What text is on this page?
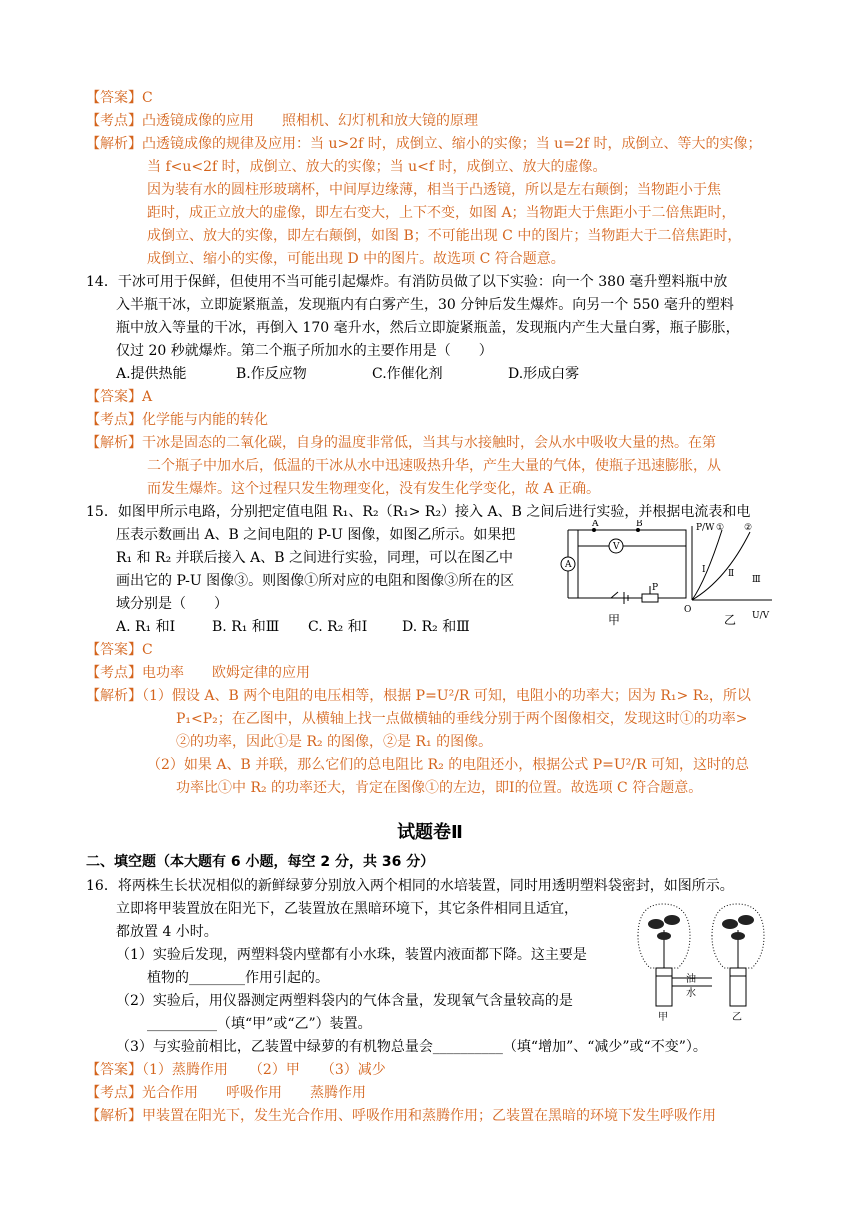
【答案】C
【考点】凸透镜成像的应用　　照相机、幻灯机和放大镜的原理
【解析】凸透镜成像的规律及应用：当 u>2f 时，成倒立、缩小的实像；当 u=2f 时，成倒立、等大的实像；
当 f<u<2f 时，成倒立、放大的实像；当 u<f 时，成倒立、放大的虚像。
因为装有水的圆柱形玻璃杯，中间厚边缘薄，相当于凸透镜，所以是左右颠倒；当物距小于焦
距时，成正立放大的虚像，即左右变大，上下不变，如图 A；当物距大于焦距小于二倍焦距时，
成倒立、放大的实像，即左右颠倒，如图 B；不可能出现 C 中的图片；当物距大于二倍焦距时，
成倒立、缩小的实像，可能出现 D 中的图片。故选项 C 符合题意。
14．干冰可用于保鲜，但使用不当可能引起爆炸。有消防员做了以下实验：向一个 380 毫升塑料瓶中放
入半瓶干冰，立即旋紧瓶盖，发现瓶内有白雾产生，30 分钟后发生爆炸。向另一个 550 毫升的塑料
瓶中放入等量的干冰，再倒入 170 毫升水，然后立即旋紧瓶盖，发现瓶内产生大量白雾，瓶子膨胀，
仅过 20 秒就爆炸。第二个瓶子所加水的主要作用是（　　）
A.提供热能	B.作反应物	C.作催化剂	D.形成白雾
【答案】A
【考点】化学能与内能的转化
【解析】干冰是固态的二氧化碳，自身的温度非常低，当其与水接触时，会从水中吸收大量的热。在第
二个瓶子中加水后，低温的干冰从水中迅速吸热升华，产生大量的气体，使瓶子迅速膨胀，从
而发生爆炸。这个过程只发生物理变化，没有发生化学变化，故 A 正确。
15．如图甲所示电路，分别把定值电阻 R₁、R₂（R₁> R₂）接入 A、B 之间后进行实验，并根据电流表和电
压表示数画出 A、B 之间电阻的 P-U 图像，如图乙所示。如果把
R₁ 和 R₂ 并联后接入 A、B 之间进行实验，同理，可以在图乙中
画出它的 P-U 图像③。则图像①所对应的电阻和图像③所在的区
域分别是（　　）
A. R₁ 和Ⅰ	B. R₁ 和Ⅲ C. R₂ 和Ⅰ D. R₂ 和Ⅲ
A	B
V
A
P
甲
P/W
U/V
O
乙
① ②
Ⅰ Ⅱ
Ⅲ
【答案】C
【考点】电功率　　欧姆定律的应用
【解析】（1）假设 A、B 两个电阻的电压相等，根据 P=U²/R 可知，电阻小的功率大；因为 R₁> R₂，所以
P₁<P₂；在乙图中，从横轴上找一点做横轴的垂线分别于两个图像相交，发现这时①的功率>
②的功率，因此①是 R₂ 的图像，②是 R₁ 的图像。
（2）如果 A、B 并联，那么它们的总电阻比 R₂ 的电阻还小，根据公式 P=U²/R 可知，这时的总
功率比①中 R₂ 的功率还大，肯定在图像①的左边，即Ⅰ的位置。故选项 C 符合题意。
试题卷Ⅱ
二、填空题（本大题有 6 小题，每空 2 分，共 36 分）
16．将两株生长状况相似的新鲜绿萝分别放入两个相同的水培装置，同时用透明塑料袋密封，如图所示。
立即将甲装置放在阳光下，乙装置放在黑暗环境下，其它条件相同且适宜，
都放置 4 小时。
（1）实验后发现，两塑料袋内壁都有小水珠，装置内液面都下降。这主要是
植物的________作用引起的。
（2）实验后，用仪器测定两塑料袋内的气体含量，发现氧气含量较高的是
__________（填“甲”或“乙”）装置。
（3）与实验前相比，乙装置中绿萝的有机物总量会__________（填“增加”、“减少”或“不变”）。
油
水
甲	乙
【答案】（1）蒸腾作用　　（2）甲　　（3）减少
【考点】光合作用　　呼吸作用　　蒸腾作用
【解析】甲装置在阳光下，发生光合作用、呼吸作用和蒸腾作用；乙装置在黑暗的环境下发生呼吸作用
